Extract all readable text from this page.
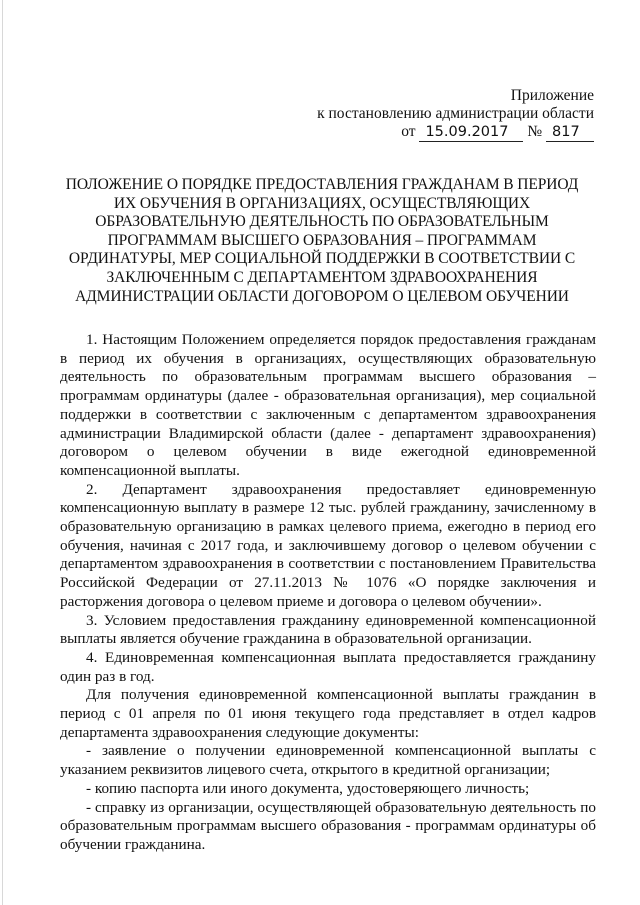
Приложение
к постановлению администрации области
от 15.09.2017 № 817
ПОЛОЖЕНИЕ О ПОРЯДКЕ ПРЕДОСТАВЛЕНИЯ ГРАЖДАНАМ В ПЕРИОД ИХ ОБУЧЕНИЯ В ОРГАНИЗАЦИЯХ, ОСУЩЕСТВЛЯЮЩИХ ОБРАЗОВАТЕЛЬНУЮ ДЕЯТЕЛЬНОСТЬ ПО ОБРАЗОВАТЕЛЬНЫМ ПРОГРАММАМ ВЫСШЕГО ОБРАЗОВАНИЯ – ПРОГРАММАМ ОРДИНАТУРЫ, МЕР СОЦИАЛЬНОЙ ПОДДЕРЖКИ В СООТВЕТСТВИИ С ЗАКЛЮЧЕННЫМ С ДЕПАРТАМЕНТОМ ЗДРАВООХРАНЕНИЯ АДМИНИСТРАЦИИ ОБЛАСТИ ДОГОВОРОМ О ЦЕЛЕВОМ ОБУЧЕНИИ

1. Настоящим Положением определяется порядок предоставления гражданам в период их обучения в организациях, осуществляющих образовательную деятельность по образовательным программам высшего образования – программам ординатуры (далее - образовательная организация), мер социальной поддержки в соответствии с заключенным с департаментом здравоохранения администрации Владимирской области (далее - департамент здравоохранения) договором о целевом обучении в виде ежегодной единовременной компенсационной выплаты.

2. Департамент здравоохранения предоставляет единовременную компенсационную выплату в размере 12 тыс. рублей гражданину, зачисленному в образовательную организацию в рамках целевого приема, ежегодно в период его обучения, начиная с 2017 года, и заключившему договор о целевом обучении с департаментом здравоохранения в соответствии с постановлением Правительства Российской Федерации от 27.11.2013 № 1076 «О порядке заключения и расторжения договора о целевом приеме и договора о целевом обучении».

3. Условием предоставления гражданину единовременной компенсационной выплаты является обучение гражданина в образовательной организации.

4. Единовременная компенсационная выплата предоставляется гражданину один раз в год.

Для получения единовременной компенсационной выплаты гражданин в период с 01 апреля по 01 июня текущего года представляет в отдел кадров департамента здравоохранения следующие документы:

- заявление о получении единовременной компенсационной выплаты с указанием реквизитов лицевого счета, открытого в кредитной организации;

- копию паспорта или иного документа, удостоверяющего личность;

- справку из организации, осуществляющей образовательную деятельность по образовательным программам высшего образования - программам ординатуры об обучении гражданина.
